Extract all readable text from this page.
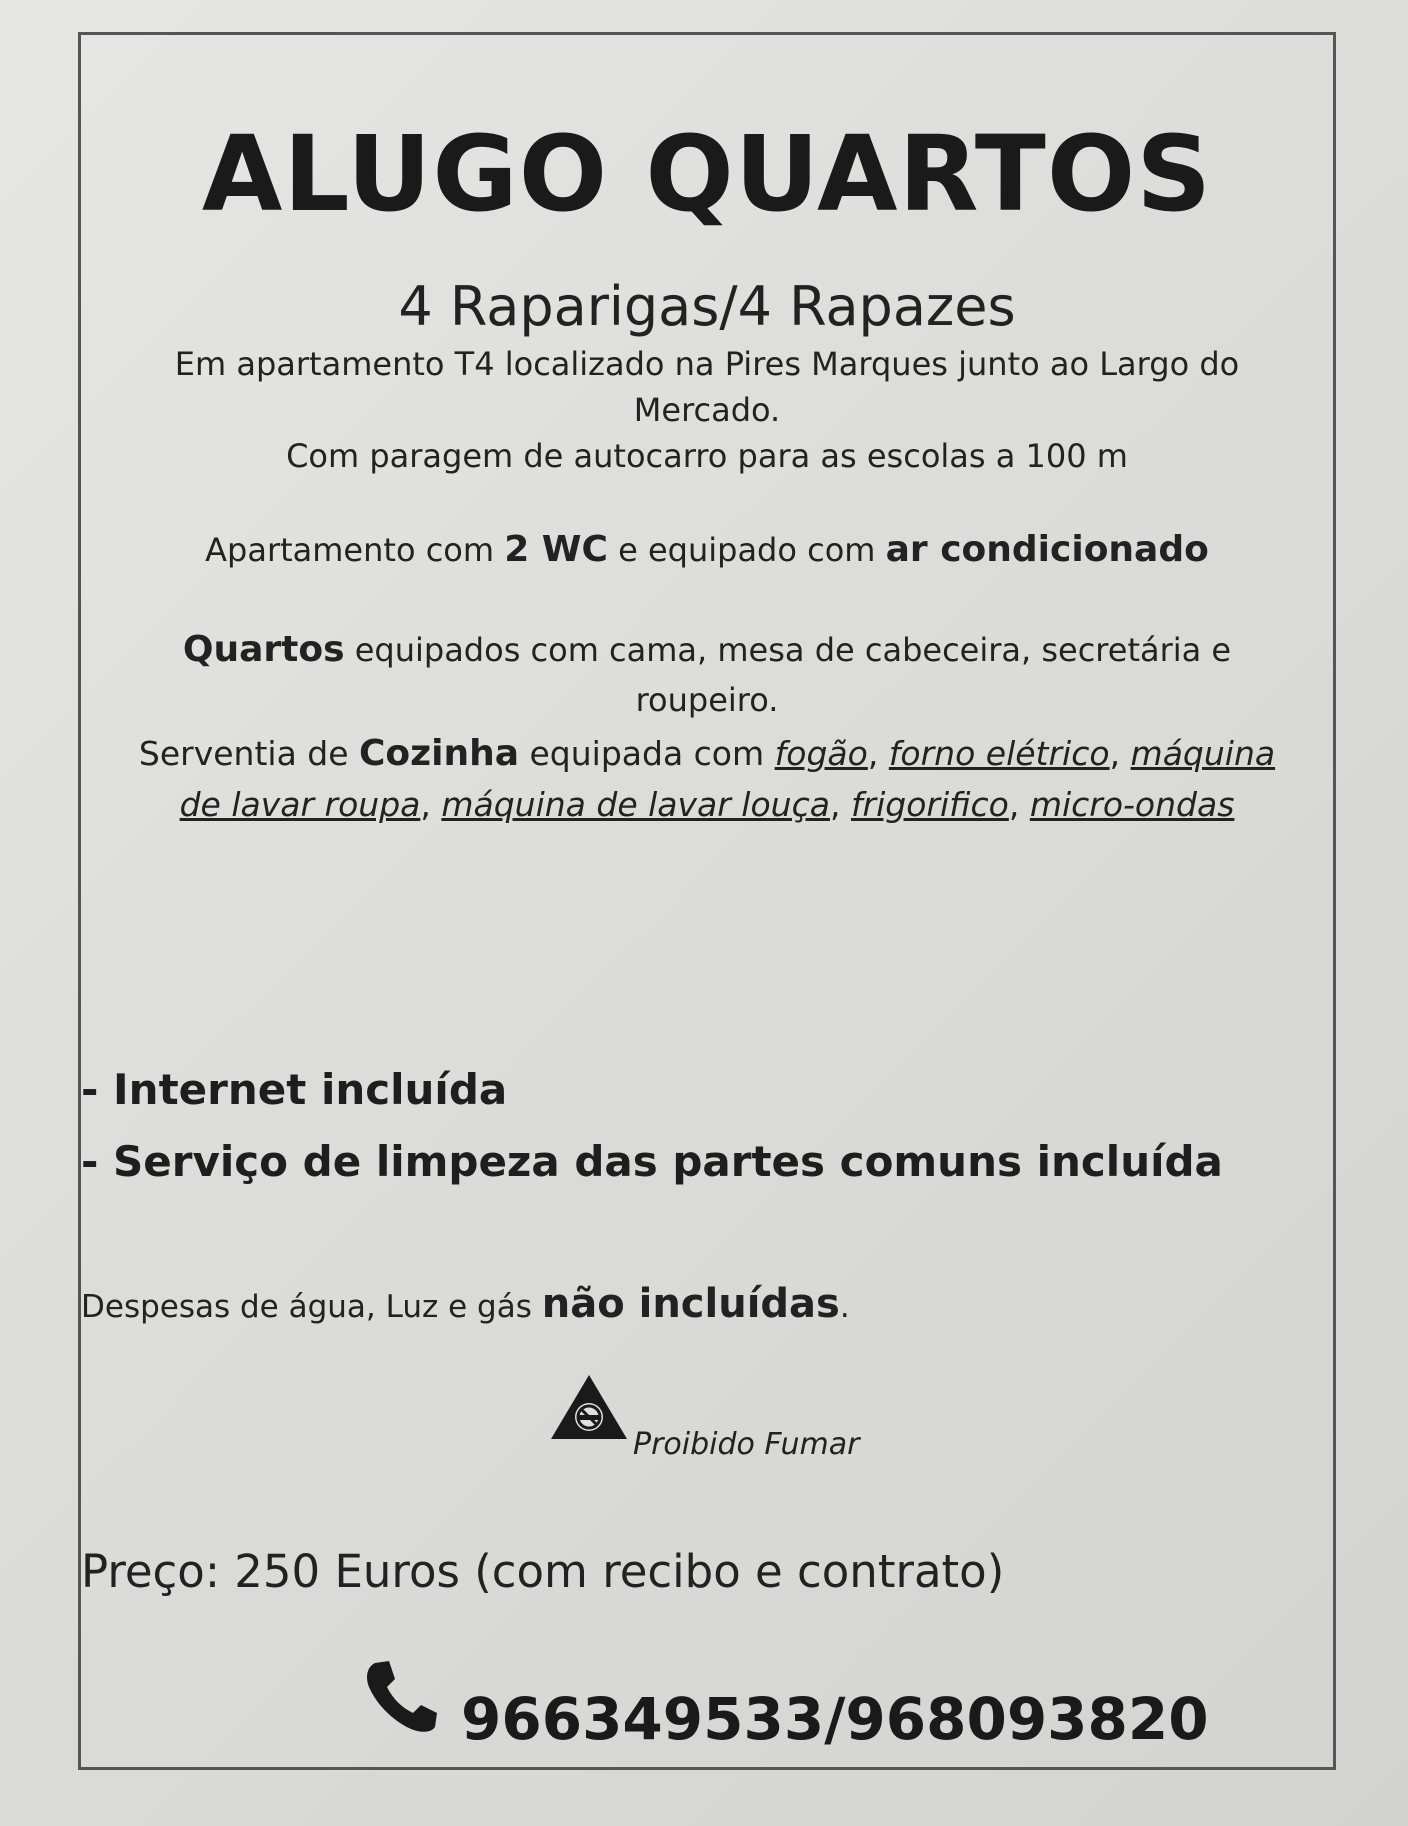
ALUGO QUARTOS
4 Raparigas/4 Rapazes
Em apartamento T4 localizado na Pires Marques junto ao Largo do
Mercado.
Com paragem de autocarro para as escolas a 100 m
Apartamento com 2 WC e equipado com ar condicionado
Quartos equipados com cama, mesa de cabeceira, secretária e
roupeiro.
Serventia de Cozinha equipada com fogão, forno elétrico, máquina
de lavar roupa, máquina de lavar louça, frigorifico, micro-ondas
- Internet incluída
- Serviço de limpeza das partes comuns incluída
Despesas de água, Luz e gás não incluídas.
Proibido Fumar
Preço: 250 Euros (com recibo e contrato)
966349533/968093820
